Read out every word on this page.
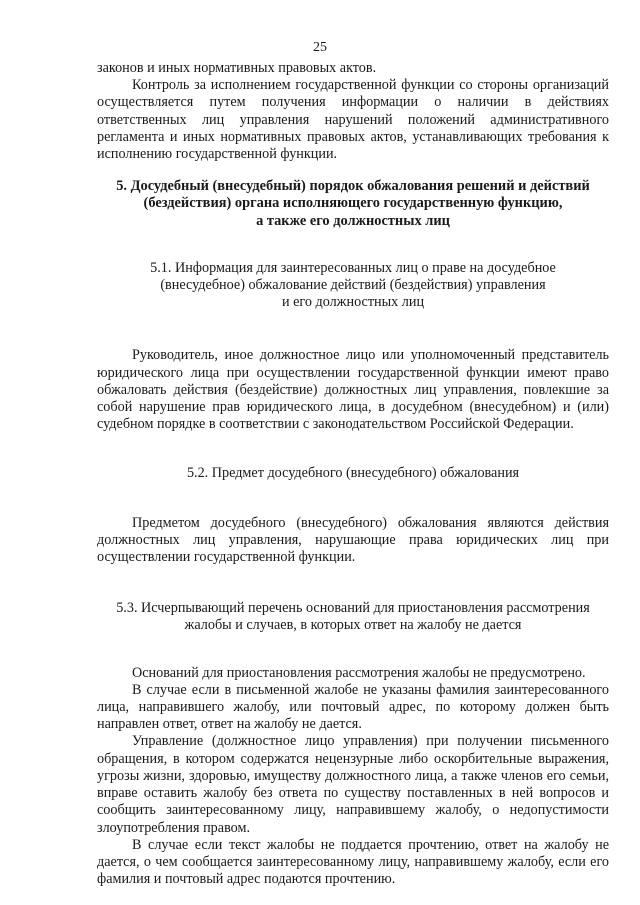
25

законов и иных нормативных правовых актов.

Контроль за исполнением государственной функции со стороны организаций осуществляется путем получения информации о наличии в действиях ответственных лиц управления нарушений положений административного регламента и иных нормативных правовых актов, устанавливающих требования к исполнению государственной функции.

5. Досудебный (внесудебный) порядок обжалования решений и действий
(бездействия) органа исполняющего государственную функцию,
а также его должностных лиц
5.1. Информация для заинтересованных лиц о праве на досудебное
(внесудебное) обжалование действий (бездействия) управления
и его должностных лиц

Руководитель, иное должностное лицо или уполномоченный представитель юридического лица при осуществлении государственной функции имеют право обжаловать действия (бездействие) должностных лиц управления, повлекшие за собой нарушение прав юридического лица, в досудебном (внесудебном) и (или) судебном порядке в соответствии с законодательством Российской Федерации.

5.2. Предмет досудебного (внесудебного) обжалования

Предметом досудебного (внесудебного) обжалования являются действия должностных лиц управления, нарушающие права юридических лиц при осуществлении государственной функции.

5.3. Исчерпывающий перечень оснований для приостановления рассмотрения
жалобы и случаев, в которых ответ на жалобу не дается

Оснований для приостановления рассмотрения жалобы не предусмотрено.

В случае если в письменной жалобе не указаны фамилия заинтересованного лица, направившего жалобу, или почтовый адрес, по которому должен быть направлен ответ, ответ на жалобу не дается.

Управление (должностное лицо управления) при получении письменного обращения, в котором содержатся нецензурные либо оскорбительные выражения, угрозы жизни, здоровью, имуществу должностного лица, а также членов его семьи, вправе оставить жалобу без ответа по существу поставленных в ней вопросов и сообщить заинтересованному лицу, направившему жалобу, о недопустимости злоупотребления правом.

В случае если текст жалобы не поддается прочтению, ответ на жалобу не дается, о чем сообщается заинтересованному лицу, направившему жалобу, если его фамилия и почтовый адрес подаются прочтению.
